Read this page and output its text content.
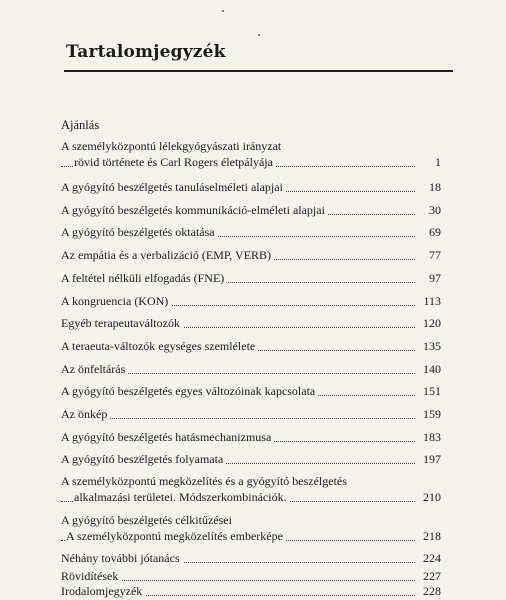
Tartalomjegyzék
Ajánlás
A személyközpontú lélekgyógyászati irányzat
rövid története és Carl Rogers életpályája	1
A gyógyító beszélgetés tanuláselméleti alapjai	18
A gyógyító beszélgetés kommunikáció-elméleti alapjai	30
A gyógyító beszélgetés oktatása	69
Az empátia és a verbalizáció (EMP, VERB)	77
A feltétel nélküli elfogadás (FNE)	97
A kongruencia (KON)	113
Egyéb terapeutaváltozók	120
A teraeuta-változók egységes szemlélete	135
Az önfeltárás	140
A gyógyító beszélgetés egyes változóinak kapcsolata	151
Az önkép	159
A gyógyító beszélgetés hatásmechanizmusa	183
A gyógyító beszélgetés folyamata	197
A személyközpontú megközelítés és a gyógyító beszélgetés
alkalmazási területei. Módszerkombinációk.	210
A gyógyító beszélgetés célkitűzései
A személyközpontú megközelítés emberképe	218
Néhány további jótanács	224
Rövidítések	227
Irodalomjegyzék	228
